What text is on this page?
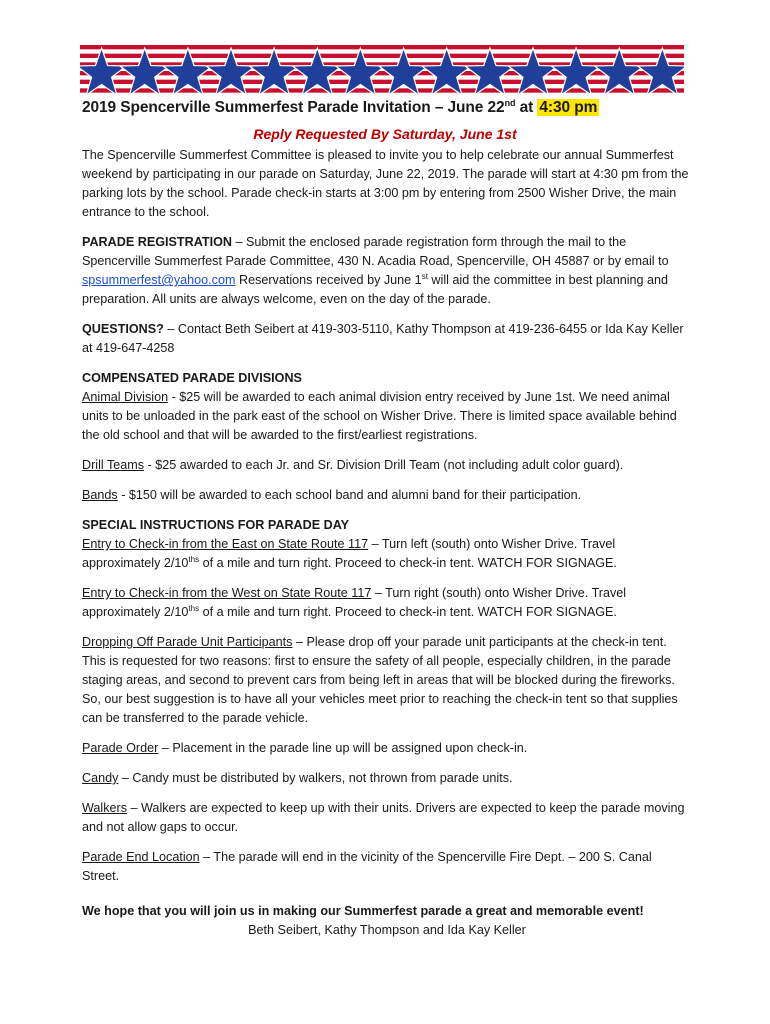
2019 Spencerville Summerfest Parade Invitation – June 22nd at 4:30 pm
Reply Requested By Saturday, June 1st

The Spencerville Summerfest Committee is pleased to invite you to help celebrate our annual Summerfest weekend by participating in our parade on Saturday, June 22, 2019. The parade will start at 4:30 pm from the parking lots by the school. Parade check-in starts at 3:00 pm by entering from 2500 Wisher Drive, the main entrance to the school.

PARADE REGISTRATION – Submit the enclosed parade registration form through the mail to the Spencerville Summerfest Parade Committee, 430 N. Acadia Road, Spencerville, OH 45887 or by email to spsummerfest@yahoo.com Reservations received by June 1st will aid the committee in best planning and preparation. All units are always welcome, even on the day of the parade.

QUESTIONS? – Contact Beth Seibert at 419-303-5110, Kathy Thompson at 419-236-6455 or Ida Kay Keller at 419-647-4258

COMPENSATED PARADE DIVISIONS

Animal Division - $25 will be awarded to each animal division entry received by June 1st. We need animal units to be unloaded in the park east of the school on Wisher Drive. There is limited space available behind the old school and that will be awarded to the first/earliest registrations.

Drill Teams - $25 awarded to each Jr. and Sr. Division Drill Team (not including adult color guard).

Bands - $150 will be awarded to each school band and alumni band for their participation.

SPECIAL INSTRUCTIONS FOR PARADE DAY

Entry to Check-in from the East on State Route 117 – Turn left (south) onto Wisher Drive. Travel approximately $2/10^{ths}$ of a mile and turn right. Proceed to check-in tent. WATCH FOR SIGNAGE.

Entry to Check-in from the West on State Route 117 – Turn right (south) onto Wisher Drive. Travel approximately $2/10^{ths}$ of a mile and turn right. Proceed to check-in tent. WATCH FOR SIGNAGE.

Dropping Off Parade Unit Participants – Please drop off your parade unit participants at the check-in tent. This is requested for two reasons: first to ensure the safety of all people, especially children, in the parade staging areas, and second to prevent cars from being left in areas that will be blocked during the fireworks. So, our best suggestion is to have all your vehicles meet prior to reaching the check-in tent so that supplies can be transferred to the parade vehicle.

Parade Order – Placement in the parade line up will be assigned upon check-in.

Candy – Candy must be distributed by walkers, not thrown from parade units.

Walkers – Walkers are expected to keep up with their units. Drivers are expected to keep the parade moving and not allow gaps to occur.

Parade End Location – The parade will end in the vicinity of the Spencerville Fire Dept. – 200 S. Canal Street.

We hope that you will join us in making our Summerfest parade a great and memorable event!

Beth Seibert, Kathy Thompson and Ida Kay Keller
